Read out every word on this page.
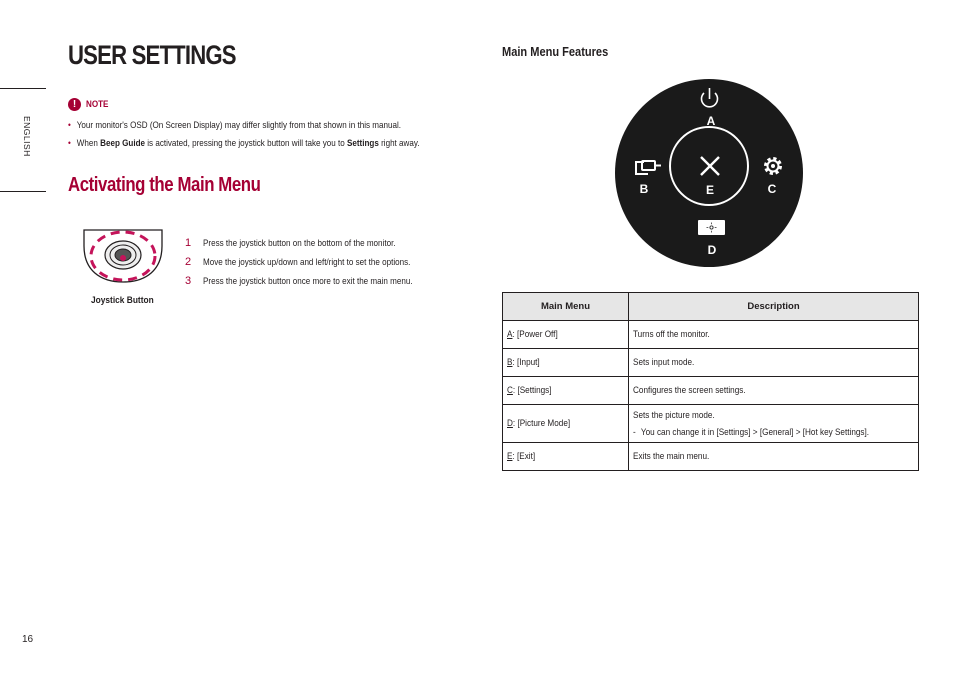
ENGLISH
16
USER SETTINGS
!	NOTE
• Your monitor's OSD (On Screen Display) may differ slightly from that shown in this manual.
• When Beep Guide is activated, pressing the joystick button will take you to Settings right away.
Activating the Main Menu
Joystick Button
1 Press the joystick button on the bottom of the monitor.
2 Move the joystick up/down and left/right to set the options.
3 Press the joystick button once more to exit the main menu.
Main Menu Features
A
B	E	C
D
Main Menu	Description
A: [Power Off]	Turns off the monitor.
B: [Input]	Sets input mode.
C: [Settings]	Configures the screen settings.
D: [Picture Mode]	Sets the picture mode.
- You can change it in [Settings] > [General] > [Hot key Settings].

E: [Exit]	Exits the main menu.
